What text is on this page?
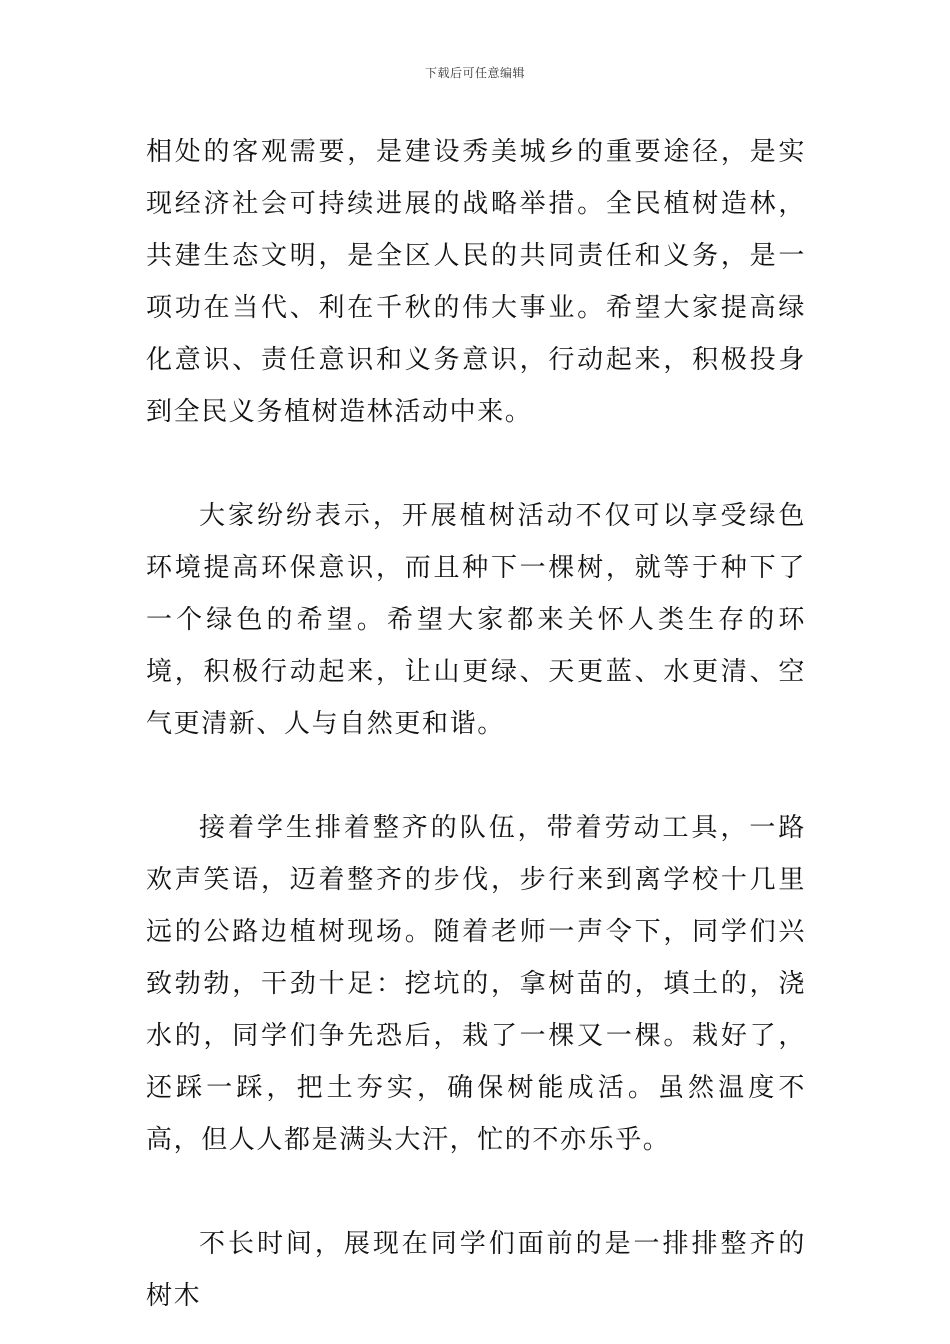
下载后可任意编辑

相处的客观需要，是建设秀美城乡的重要途径，是实现经济社会可持续进展的战略举措。全民植树造林，共建生态文明，是全区人民的共同责任和义务，是一项功在当代、利在千秋的伟大事业。希望大家提高绿化意识、责任意识和义务意识，行动起来，积极投身到全民义务植树造林活动中来。

大家纷纷表示，开展植树活动不仅可以享受绿色环境提高环保意识，而且种下一棵树，就等于种下了一个绿色的希望。希望大家都来关怀人类生存的环境，积极行动起来，让山更绿、天更蓝、水更清、空气更清新、人与自然更和谐。

接着学生排着整齐的队伍，带着劳动工具，一路欢声笑语，迈着整齐的步伐，步行来到离学校十几里远的公路边植树现场。随着老师一声令下，同学们兴致勃勃，干劲十足：挖坑的，拿树苗的，填土的，浇水的，同学们争先恐后，栽了一棵又一棵。栽好了，还踩一踩，把土夯实，确保树能成活。虽然温度不高，但人人都是满头大汗，忙的不亦乐乎。

不长时间，展现在同学们面前的是一排排整齐的树木
